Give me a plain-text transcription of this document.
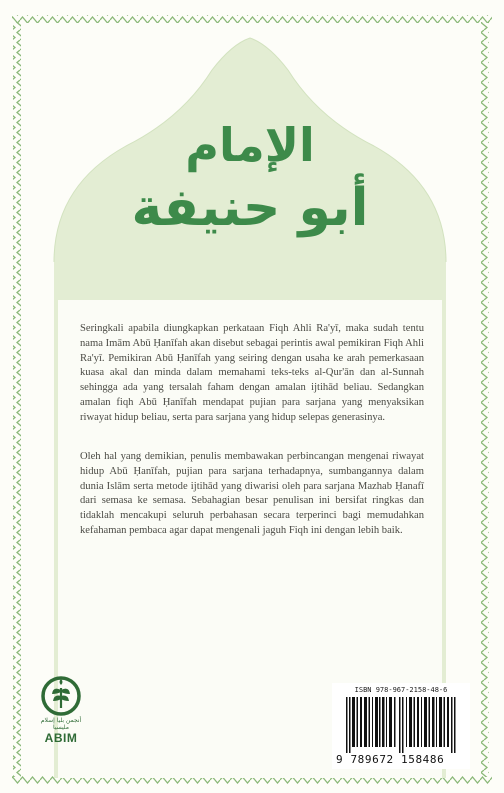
الإمام
أبو حنيفة

Seringkali apabila diungkapkan perkataan Fiqh Ahli Ra'yī, maka sudah tentu nama Imām Abū Ḥanīfah akan disebut sebagai perintis awal pemikiran Fiqh Ahli Ra'yī. Pemikiran Abū Ḥanīfah yang seiring dengan usaha ke arah pemerkasaan kuasa akal dan minda dalam memahami teks-teks al-Qur'ān dan al-Sunnah sehingga ada yang tersalah faham dengan amalan ijtihād beliau. Sedangkan amalan fiqh Abū Ḥanīfah mendapat pujian para sarjana yang menyaksikan riwayat hidup beliau, serta para sarjana yang hidup selepas generasinya.

Oleh hal yang demikian, penulis membawakan perbincangan mengenai riwayat hidup Abū Ḥanīfah, pujian para sarjana terhadapnya, sumbangannya dalam dunia Islām serta metode ijtihād yang diwarisi oleh para sarjana Mazhab Ḥanafī dari semasa ke semasa. Sebahagian besar penulisan ini bersifat ringkas dan tidaklah mencakupi seluruh perbahasan secara terperinci bagi memudahkan kefahaman pembaca agar dapat mengenali jaguh Fiqh ini dengan lebih baik.

أنجمن بليا إسلام مليسيا
ABIM
ISBN 978-967-2158-48-6
9 789672 158486
